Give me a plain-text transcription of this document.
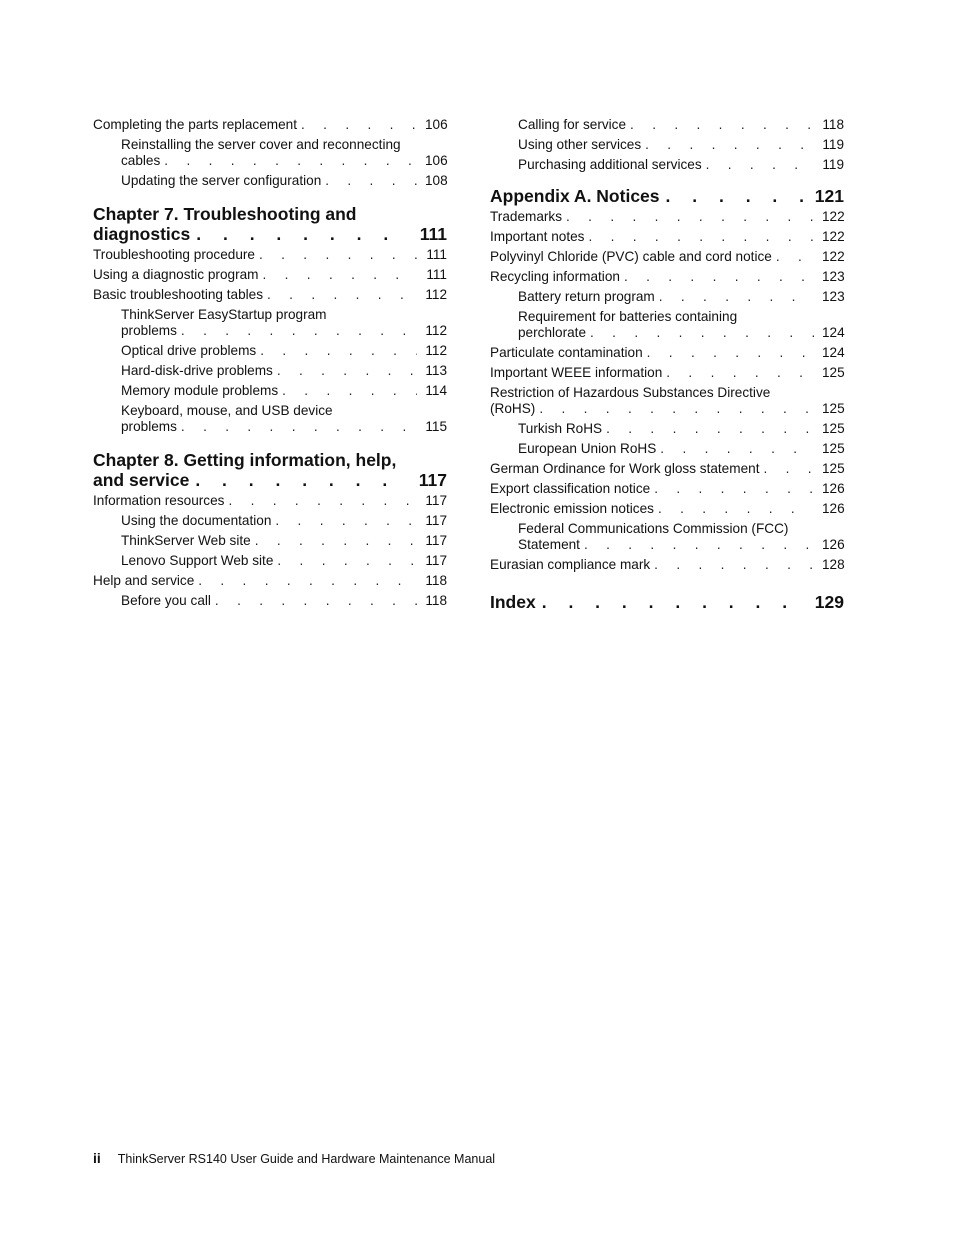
Completing the parts replacement . . .	106
Reinstalling the server cover and reconnecting
cables . . .	106
Updating the server configuration . . .	108
Chapter 7. Troubleshooting and
diagnostics . . .	111
Troubleshooting procedure . . .	111
Using a diagnostic program . . .	111
Basic troubleshooting tables . . .	112
ThinkServer EasyStartup program
problems . . .	112
Optical drive problems . . .	112
Hard-disk-drive problems . . .	113
Memory module problems . . .	114
Keyboard, mouse, and USB device
problems . . .	115
Chapter 8. Getting information, help,
and service . . .	117
Information resources . . .	117
Using the documentation . . .	117
ThinkServer Web site . . .	117
Lenovo Support Web site . . .	117
Help and service . . .	118
Before you call . . .	118
Calling for service . . .	118
Using other services . . .	119
Purchasing additional services . . .	119
Appendix A. Notices . . .	121
Trademarks . . .	122
Important notes . . .	122
Polyvinyl Chloride (PVC) cable and cord notice . . .	122
Recycling information . . .	123
Battery return program . . .	123
Requirement for batteries containing
perchlorate . . .	124
Particulate contamination . . .	124
Important WEEE information . . .	125
Restriction of Hazardous Substances Directive
(RoHS) . . .	125
Turkish RoHS . . .	125
European Union RoHS . . .	125
German Ordinance for Work gloss statement . . .	125
Export classification notice . . .	126
Electronic emission notices . . .	126
Federal Communications Commission (FCC)
Statement . . .	126
Eurasian compliance mark . . .	128
Index . . .	129
ii ThinkServer RS140 User Guide and Hardware Maintenance Manual
